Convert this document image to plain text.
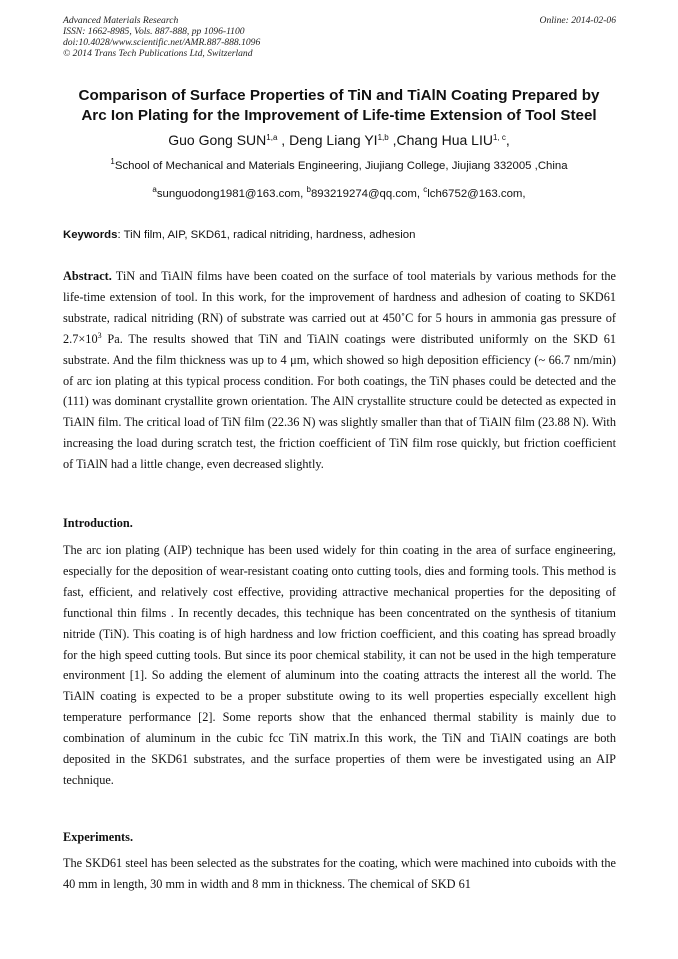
Advanced Materials Research
ISSN: 1662-8985, Vols. 887-888, pp 1096-1100
doi:10.4028/www.scientific.net/AMR.887-888.1096
© 2014 Trans Tech Publications Ltd, Switzerland
Online: 2014-02-06
Comparison of Surface Properties of TiN and TiAlN Coating Prepared by
Arc Ion Plating for the Improvement of Life-time Extension of Tool Steel
Guo Gong SUN$^{1,a}$ , Deng Liang YI$^{1,b}$ ,Chang Hua LIU$^{1, c}$,
$^1$School of Mechanical and Materials Engineering, Jiujiang College, Jiujiang 332005 ,China
$^a$sunguodong1981@163.com, $^b$893219274@qq.com, $^c$lch6752@163.com,
Keywords: TiN film, AIP, SKD61, radical nitriding, hardness, adhesion
Abstract. TiN and TiAlN films have been coated on the surface of tool materials by various methods for the life-time extension of tool. In this work, for the improvement of hardness and adhesion of coating to SKD61 substrate, radical nitriding (RN) of substrate was carried out at 450˚C for 5 hours in ammonia gas pressure of $2.7\times 10^3$ Pa. The results showed that TiN and TiAlN coatings were distributed uniformly on the SKD 61 substrate. And the film thickness was up to 4 μm, which showed so high deposition efficiency (~ 66.7 nm/min) of arc ion plating at this typical process condition. For both coatings, the TiN phases could be detected and the (111) was dominant crystallite grown orientation. The AlN crystallite structure could be detected as expected in TiAlN film. The critical load of TiN film (22.36 N) was slightly smaller than that of TiAlN film (23.88 N). With increasing the load during scratch test, the friction coefficient of TiN film rose quickly, but friction coefficient of TiAlN had a little change, even decreased slightly.
Introduction.
The arc ion plating (AIP) technique has been used widely for thin coating in the area of surface engineering, especially for the deposition of wear-resistant coating onto cutting tools, dies and forming tools. This method is fast, efficient, and relatively cost effective, providing attractive mechanical properties for the depositing of functional thin films . In recently decades, this technique has been concentrated on the synthesis of titanium nitride (TiN). This coating is of high hardness and low friction coefficient, and this coating has spread broadly for the high speed cutting tools. But since its poor chemical stability, it can not be used in the high temperature environment [1]. So adding the element of aluminum into the coating attracts the interest all the world. The TiAlN coating is expected to be a proper substitute owing to its well properties especially excellent high temperature performance [2]. Some reports show that the enhanced thermal stability is mainly due to combination of aluminum in the cubic fcc TiN matrix.In this work, the TiN and TiAlN coatings are both deposited in the SKD61 substrates, and the surface properties of them were be investigated using an AIP technique.
Experiments.
The SKD61 steel has been selected as the substrates for the coating, which were machined into cuboids with the 40 mm in length, 30 mm in width and 8 mm in thickness. The chemical of SKD 61
